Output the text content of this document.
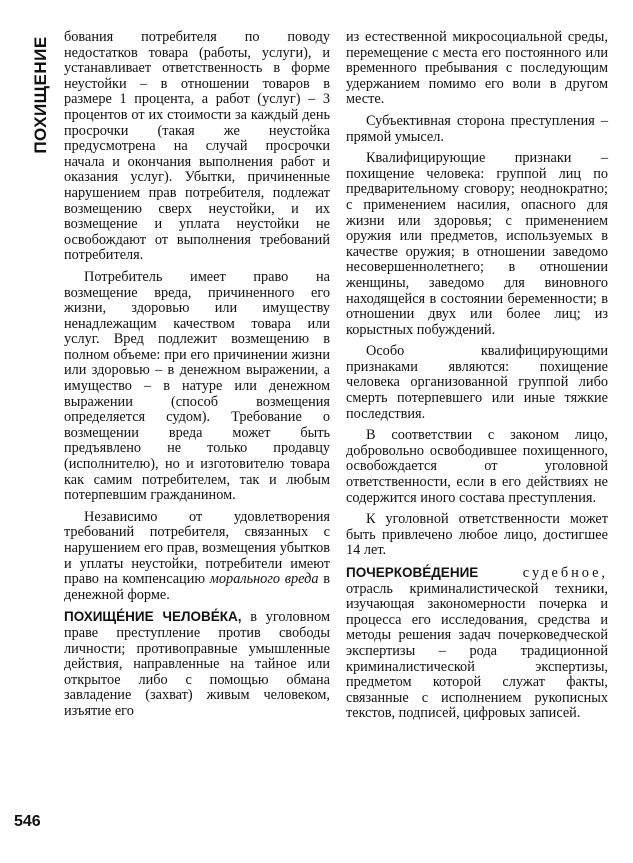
ПОХИЩЕНИЕ
546

бования потребителя по поводу недостатков товара (работы, услуги), и устанавливает ответственность в форме неустойки – в отношении товаров в размере 1 процента, а работ (услуг) – 3 процентов от их стоимости за каждый день просрочки (такая же неустойка предусмотрена на случай просрочки начала и окончания выполнения работ и оказания услуг). Убытки, причиненные нарушением прав потребителя, подлежат возмещению сверх неустойки, и их возмещение и уплата неустойки не освобождают от выполнения требований потребителя.

Потребитель имеет право на возмещение вреда, причиненного его жизни, здоровью или имуществу ненадлежащим качеством товара или услуг. Вред подлежит возмещению в полном объеме: при его причинении жизни или здоровью – в денежном выражении, а имущество – в натуре или денежном выражении (способ возмещения определяется судом). Требование о возмещении вреда может быть предъявлено не только продавцу (исполнителю), но и изготовителю товара как самим потребителем, так и любым потерпевшим гражданином.

Независимо от удовлетворения требований потребителя, связанных с нарушением его прав, возмещения убытков и уплаты неустойки, потребители имеют право на компенсацию морального вреда в денежной форме.

ПОХИЩЕ́НИЕ ЧЕЛОВЕ́КА, в уголовном праве преступление против свободы личности; противоправные умышленные действия, направленные на тайное или открытое либо с помощью обмана завладение (захват) живым человеком, изъятие его

из естественной микросоциальной среды, перемещение с места его постоянного или временного пребывания с последующим удержанием помимо его воли в другом месте.

Субъективная сторона преступления – прямой умысел.

Квалифицирующие признаки – похищение человека: группой лиц по предварительному сговору; неоднократно; с применением насилия, опасного для жизни или здоровья; с применением оружия или предметов, используемых в качестве оружия; в отношении заведомо несовершеннолетнего; в отношении женщины, заведомо для виновного находящейся в состоянии беременности; в отношении двух или более лиц; из корыстных побуждений.

Особо квалифицирующими признаками являются: похищение человека организованной группой либо смерть потерпевшего или иные тяжкие последствия.

В соответствии с законом лицо, добровольно освободившее похищенного, освобождается от уголовной ответственности, если в его действиях не содержится иного состава преступления.

К уголовной ответственности может быть привлечено любое лицо, достигшее 14 лет.

ПОЧЕРКОВЕ́ДЕНИЕ судебное, отрасль криминалистической техники, изучающая закономерности почерка и процесса его исследования, средства и методы решения задач почерковедческой экспертизы – рода традиционной криминалистической экспертизы, предметом которой служат факты, связанные с исполнением рукописных текстов, подписей, цифровых записей.
